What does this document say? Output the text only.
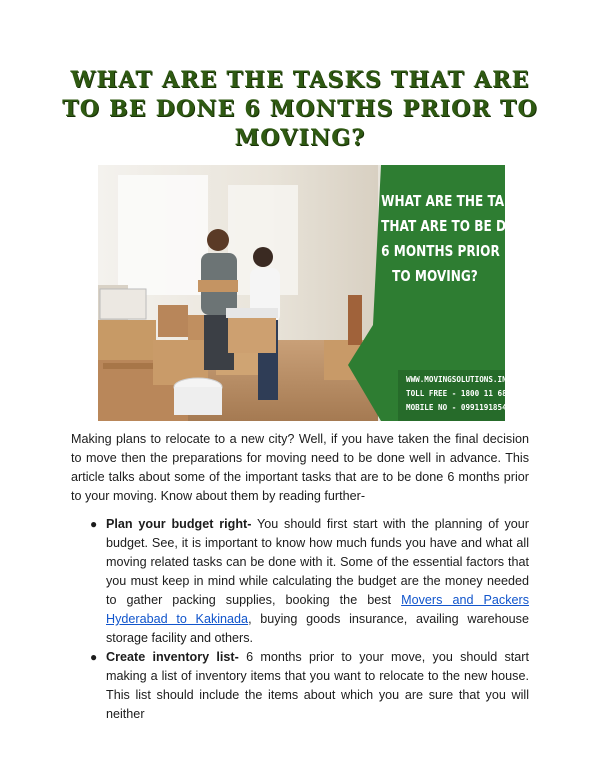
WHAT ARE THE TASKS THAT ARE TO BE DONE 6 MONTHS PRIOR TO MOVING?
WHAT ARE THE TASKS
THAT ARE TO BE DONE
6 MONTHS PRIOR
TO MOVING?
WWW.MOVINGSOLUTIONS.IN
TOLL FREE - 1800 11 6878
MOBILE NO - 09911918545

Making plans to relocate to a new city? Well, if you have taken the final decision to move then the preparations for moving need to be done well in advance. This article talks about some of the important tasks that are to be done 6 months prior to your moving. Know about them by reading further-

● Plan your budget right- You should first start with the planning of your budget. See, it is important to know how much funds you have and what all moving related tasks can be done with it. Some of the essential factors that you must keep in mind while calculating the budget are the money needed to gather packing supplies, booking the best Movers and Packers Hyderabad to Kakinada, buying goods insurance, availing warehouse storage facility and others.
● Create inventory list- 6 months prior to your move, you should start making a list of inventory items that you want to relocate to the new house. This list should include the items about which you are sure that you will neither
